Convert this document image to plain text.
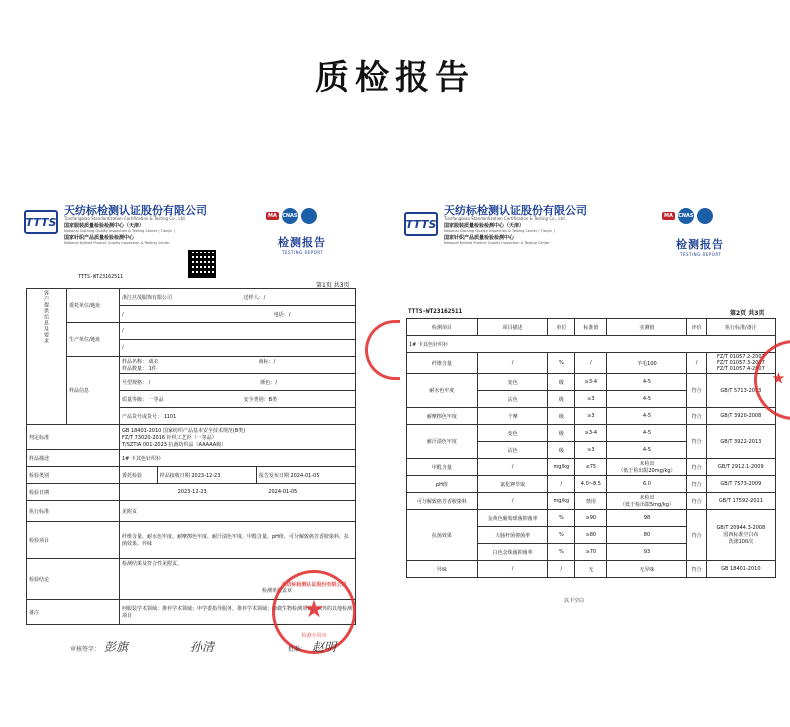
质检报告
TTTS
天纺标检测认证股份有限公司
Tianfangbiao Standardization Certification & Testing Co., Ltd.
国家服装质量检验检测中心（天津）
National Clothing Quality Inspection & Testing Center ( Tianjin )
国家针织产品质量检验检测中心
National Knitted Product Quality Inspection & Testing Center
MA	CNAS
检测报告
TESTING REPORT
TTTS-WT23162511
第1页 共3页
客户提供信息及要求	委托单位/地址	浙江莒茂服饰有限公司 送样人：/		
		/ 电话：/		
	生产单位/地址	/		
		/		
	样品信息	样品名称： 成衣 商标：/
样品数量： 1件		
		号型规格： / 颜色：/		
		质量等级： 一等品 安全类别：B类		
		产品货号或货号： 1101		
判定标准		GB 18401-2010 国家纺织产品基本安全技术规范(B类)
FZ/T 73020-2016 针织工艺衫（一等品）
T/SZTIA 001-2023 抗菌纺织品（AAAAA级）		

样品描述		1# 卡其色针织衫		
检验类别		委托检验	样品接收日期 2023-12-23	报告发布日期 2024-01-05
检验日期		2023-12-23 2024-01-05		
执行标准		见附页		
检验项目		纤维含量、耐水色牢度、耐摩擦色牢度、耐汗渍色牢度、甲醛含量、pH值、可分解致癌芳香胺染料、抗菌效果、异味		
检验结论		检测结果及符合性见附页。
检测单位盖章		

备注		何服装学术领域：推荐学术领域；申学委指导服务，推荐学术领域；除微生物检测项目，以外的其他检测项目		
天纺标检测认证股份有限公司
★
检测专用章
审核签字： 彭旗	孙清	批准： 赵明
TTTS
天纺标检测认证股份有限公司
Tianfangbiao Standardization Certification & Testing Co., Ltd.
国家服装质量检验检测中心（天津）
National Clothing Quality Inspection & Testing Center ( Tianjin )
国家针织产品质量检验检测中心
National Knitted Product Quality Inspection & Testing Center
MA	CNAS
检测报告
TESTING REPORT
TTTS-WT23162511	第2页 共3页
检测项目	项目描述	单位	标准值	实测值	评价	执行标准/备注
1# 卡其色针织衫						
纤维含量	/	%	/	羊毛100	/	FZ/T 01057.2-2007
FZ/T 01057.3-2007
FZ/T 01057.4-2007
耐水色牢度	变色	级	≥3-4	4-5	符合	GB/T 5713-2013
	沾色	级	≥3	4-5		
耐摩擦色牢度	干摩	级	≥3	4-5	符合	GB/T 3920-2008
耐汗渍色牢度	变色	级	≥3-4	4-5	符合	GB/T 3922-2013
	沾色	级	≥3	4-5		
甲醛含量	/	mg/kg	≤75	未检出
（低于检出限20mg/kg）	符合	GB/T 2912.1-2009
pH值	氯化钾萃取	/	4.0~8.5	6.0	符合	GB/T 7573-2009
可分解致癌芳香胺染料	/	mg/kg	禁用	未检出
（低于检出限5mg/kg）	符合	GB/T 17592-2011
抗菌效果	金黄色葡萄球菌抑菌率	%	≥90	98	符合	GB/T 20944.3-2008
国西标准空白布
洗涤100次
	大肠杆菌抑菌率	%	≥80	80		
	白色念珠菌抑菌率	%	≥70	93		
异味	/	/	无	无异味	符合	GB 18401-2010
以下空白
★
